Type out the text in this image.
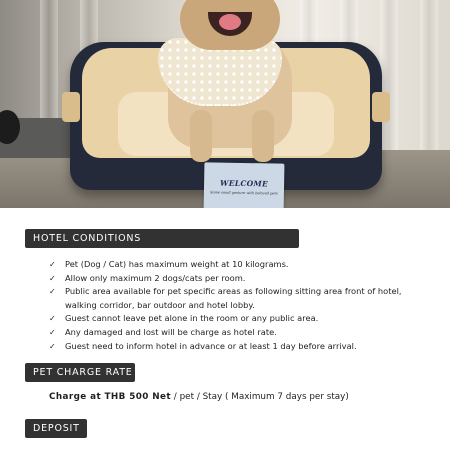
WELCOME
Some small gesture with beloved pets
HOTEL CONDITIONS
✓ Pet (Dog / Cat) has maximum weight at 10 kilograms.
✓ Allow only maximum 2 dogs/cats per room.
✓ Public area available for pet specific areas as following sitting area front of hotel,
walking corridor, bar outdoor and hotel lobby.
✓ Guest cannot leave pet alone in the room or any public area.
✓ Any damaged and lost will be charge as hotel rate.
✓ Guest need to inform hotel in advance or at least 1 day before arrival.
PET CHARGE RATE
Charge at THB 500 Net / pet / Stay ( Maximum 7 days per stay)
DEPOSIT
